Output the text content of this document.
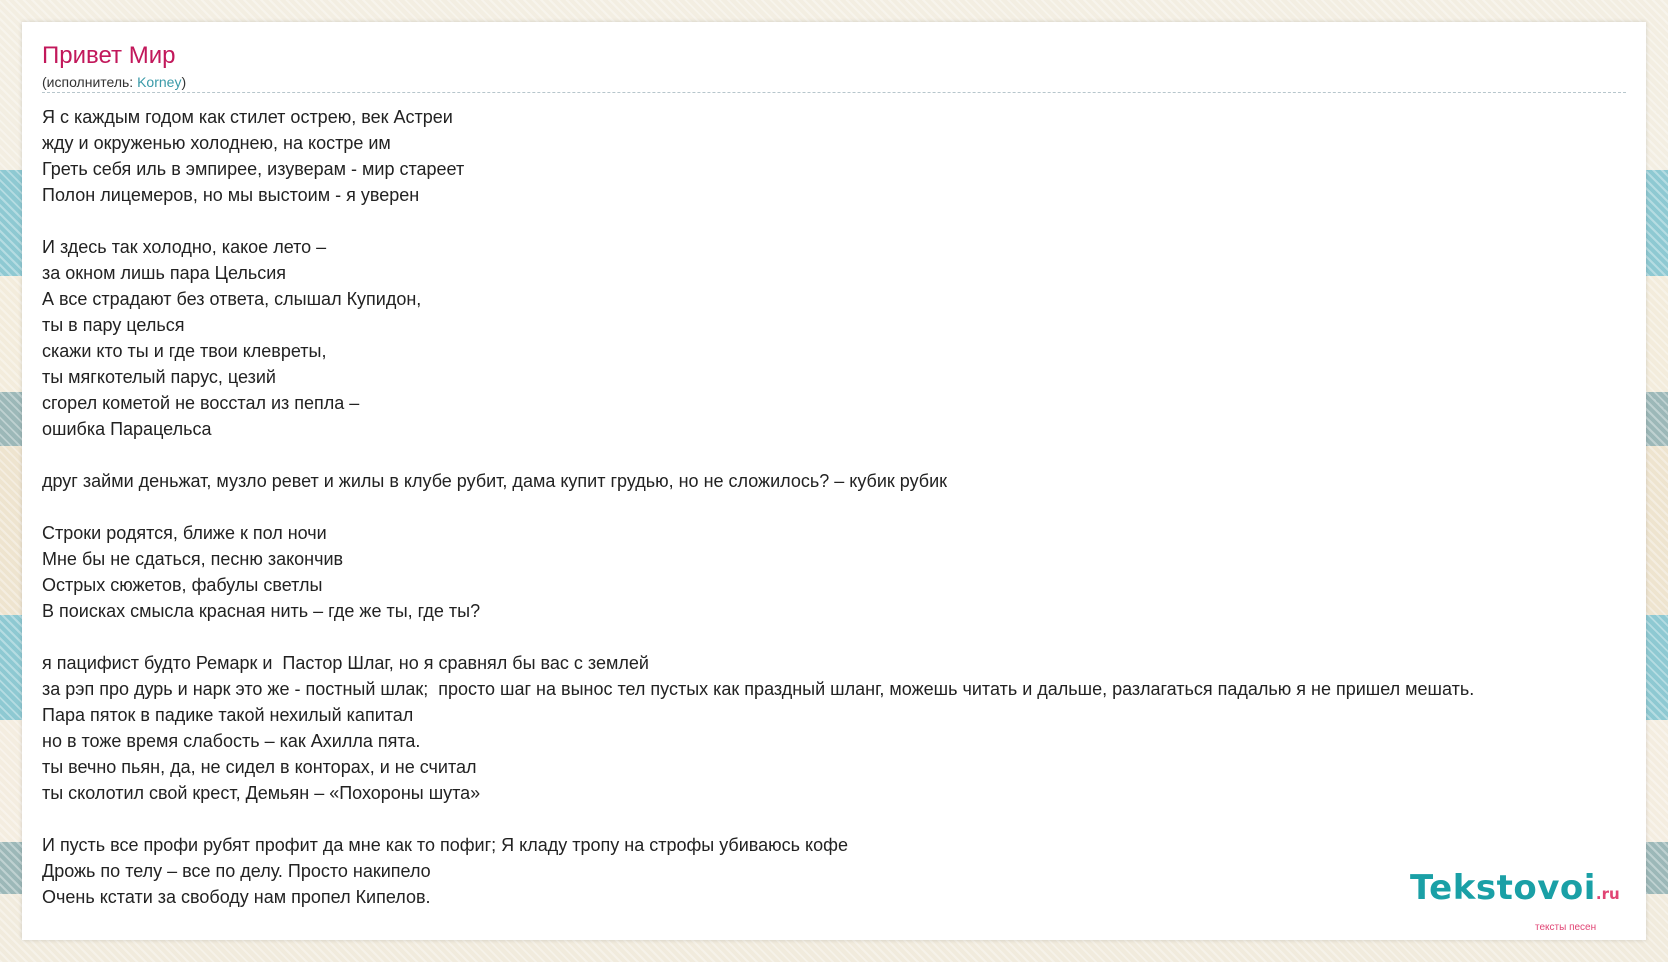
Привет Мир
(исполнитель: Korney)
Я с каждым годом как стилет острею, век Астреи
жду и окруженью холоднею, на костре им
Греть себя иль в эмпирее, изуверам - мир стареет
Полон лицемеров, но мы выстоим - я уверен
И здесь так холодно, какое лето –
за окном лишь пара Цельсия
А все страдают без ответа, слышал Купидон,
ты в пару целься
скажи кто ты и где твои клевреты,
ты мягкотелый парус, цезий
сгорел кометой не восстал из пепла –
ошибка Парацельса
друг займи деньжат, музло ревет и жилы в клубе рубит, дама купит грудью, но не сложилось? – кубик рубик
Строки родятся, ближе к пол ночи
Мне бы не сдаться, песню закончив
Острых сюжетов, фабулы светлы
В поисках смысла красная нить – где же ты, где ты?
я пацифист будто Ремарк и  Пастор Шлаг, но я сравнял бы вас с землей
за рэп про дурь и нарк это же - постный шлак;  просто шаг на вынос тел пустых как праздный шланг, можешь читать и дальше, разлагаться падалью я не пришел мешать.
Пара пяток в падике такой нехилый капитал
но в тоже время слабость – как Ахилла пята.
ты вечно пьян, да, не сидел в конторах, и не считал
ты сколотил свой крест, Демьян – «Похороны шута»
И пусть все профи рубят профит да мне как то пофиг; Я кладу тропу на строфы убиваюсь кофе
Дрожь по телу – все по делу. Просто накипело
Очень кстати за свободу нам пропел Кипелов.	Tekstovoi.ru
тексты песен
